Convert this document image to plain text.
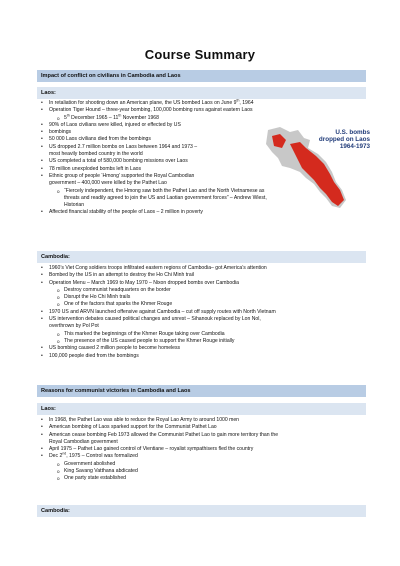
Course Summary
Impact of conflict on civilians in Cambodia and Laos
Laos:
• In retaliation for shooting down an American plane, the US bombed Laos on June 9th, 1964
• Operation Tiger Hound – three-year bombing, 100,000 bombing runs against eastern Laos
o 5th December 1965 – 11th November 1968
• 90% of Laos civilians were killed, injured or effected by US
• bombings
• 50 000 Laos civilians died from the bombings
• US dropped 2.7 million bombs on Laos between 1964 and 1973 –
most heavily bombed country in the world
• US completed a total of 580,000 bombing missions over Laos
• 78 million unexploded bombs left in Laos
• Ethnic group of people ‘Hmong’ supported the Royal Cambodian
government – 400,000 were killed by the Pathet Lao
o “Fiercely independent, the Hmong saw both the Pathet Lao and the North Vietnamese as
threats and readily agreed to join the US and Laotian government forces” – Andrew Wiest,
Historian
• Affected financial stability of the people of Laos – 2 million in poverty
U.S. bombs
dropped on Laos
1964-1973
Cambodia:
• 1960’s Viet Cong soldiers troops infiltrated eastern regions of Cambodia– got America’s attention
• Bombed by the US in an attempt to destroy the Ho Chi Minh trail
• Operation Menu – March 1969 to May 1970 – Nixon dropped bombs over Cambodia
o Destroy communist headquarters on the border
o Disrupt the Ho Chi Minh trails
o One of the factors that sparks the Khmer Rouge
• 1970 US and ARVN launched offensive against Cambodia – cut off supply routes with North Vietnam
• US intervention debates caused political changes and unrest – Sihanouk replaced by Lon Nol,
overthrown by Pol Pot
o This marked the beginnings of the Khmer Rouge taking over Cambodia
o The presence of the US caused people to support the Khmer Rouge initially
• US bombing caused 2 million people to become homeless
• 100,000 people died from the bombings
Reasons for communist victories in Cambodia and Laos
Laos:
• In 1968, the Pathet Lao was able to reduce the Royal Lao Army to around 1000 men
• American bombing of Laos sparked support for the Communist Pathet Lao
• American cease bombing Feb 1973 allowed the Communist Pathet Lao to gain more territory than the
Royal Cambodian government
• April 1975 – Pathet Lao gained control of Vientiane – royalist sympathisers fled the country
• Dec 2nd, 1975 – Control was formalized
o Government abolished
o King Savang Vatthana abdicated
o One party state established
Cambodia:
